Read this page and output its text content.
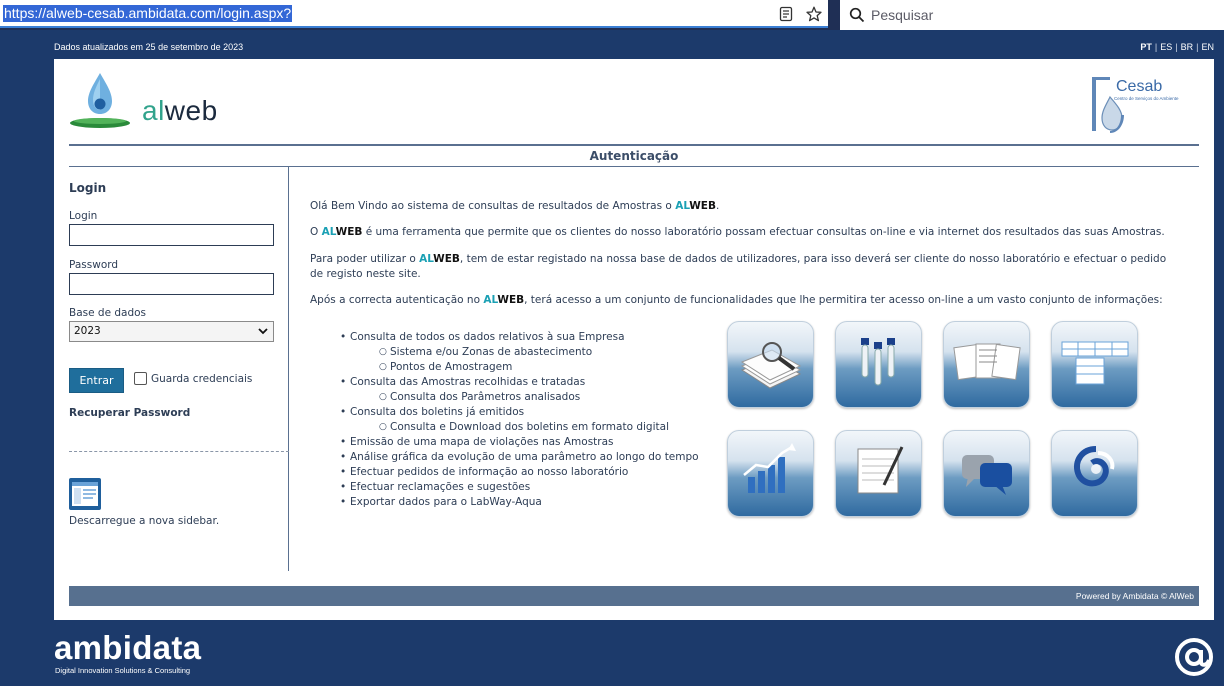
https://alweb-cesab.ambidata.com/login.aspx?	Pesquisar
Dados atualizados em 25 de setembro de 2023	PT | ES | BR | EN
alweb
Cesab
Centro de Serviços do Ambiente
Autenticação
Login
Login
Password
Base de dados
2023
Entrar	Guarda credenciais
Recuperar Password
Descarregue a nova sidebar.

Olá Bem Vindo ao sistema de consultas de resultados de Amostras o ALWEB.

O ALWEB é uma ferramenta que permite que os clientes do nosso laboratório possam efectuar consultas on-line e via internet dos resultados das suas Amostras.

Para poder utilizar o ALWEB, tem de estar registado na nossa base de dados de utilizadores, para isso deverá ser cliente do nosso laboratório e efectuar o pedido de registo neste site.

Após a correcta autenticação no ALWEB, terá acesso a um conjunto de funcionalidades que lhe permitira ter acesso on-line a um vasto conjunto de informações:

• Consulta de todos os dados relativos à sua Empresa
○ Sistema e/ou Zonas de abastecimento
○ Pontos de Amostragem
• Consulta das Amostras recolhidas e tratadas
○ Consulta dos Parâmetros analisados
• Consulta dos boletins já emitidos
○ Consulta e Download dos boletins em formato digital
• Emissão de uma mapa de violações nas Amostras
• Análise gráfica da evolução de uma parâmetro ao longo do tempo
• Efectuar pedidos de informação ao nosso laboratório
• Efectuar reclamações e sugestões
• Exportar dados para o LabWay-Aqua
Powered by Ambidata © AlWeb
ambidata
Digital Innovation Solutions & Consulting
